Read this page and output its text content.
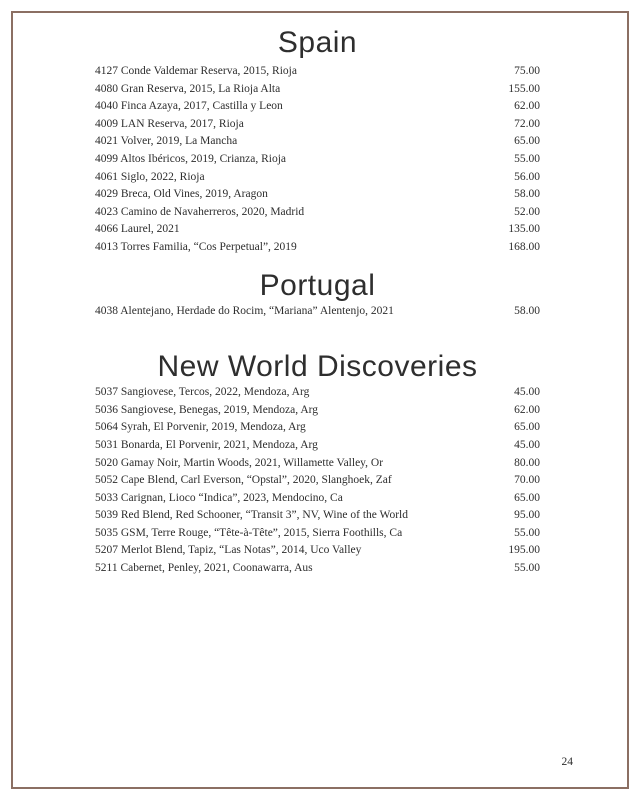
Spain
4127 Conde Valdemar Reserva, 2015, Rioja	75.00
4080 Gran Reserva, 2015, La Rioja Alta	155.00
4040 Finca Azaya, 2017, Castilla y Leon	62.00
4009 LAN Reserva, 2017, Rioja	72.00
4021 Volver, 2019, La Mancha	65.00
4099 Altos Ibéricos, 2019, Crianza, Rioja	55.00
4061 Siglo, 2022, Rioja	56.00
4029 Breca, Old Vines, 2019, Aragon	58.00
4023 Camino de Navaherreros, 2020, Madrid	52.00
4066 Laurel, 2021	135.00
4013 Torres Familia, “Cos Perpetual”, 2019	168.00
Portugal
4038 Alentejano, Herdade do Rocim, “Mariana” Alentenjo, 2021	58.00
New World Discoveries
5037 Sangiovese, Tercos, 2022, Mendoza, Arg	45.00
5036 Sangiovese, Benegas, 2019, Mendoza, Arg	62.00
5064 Syrah, El Porvenir, 2019, Mendoza, Arg	65.00
5031 Bonarda, El Porvenir, 2021, Mendoza, Arg	45.00
5020 Gamay Noir, Martin Woods, 2021, Willamette Valley, Or	80.00
5052 Cape Blend, Carl Everson, “Opstal”, 2020, Slanghoek, Zaf	70.00
5033 Carignan, Lioco “Indica”, 2023, Mendocino, Ca	65.00
5039 Red Blend, Red Schooner, “Transit 3”, NV, Wine of the World	95.00
5035 GSM, Terre Rouge, “Tête-à-Tête”, 2015, Sierra Foothills, Ca	55.00
5207 Merlot Blend, Tapiz, “Las Notas”, 2014, Uco Valley	195.00
5211 Cabernet, Penley, 2021, Coonawarra, Aus	55.00
24
